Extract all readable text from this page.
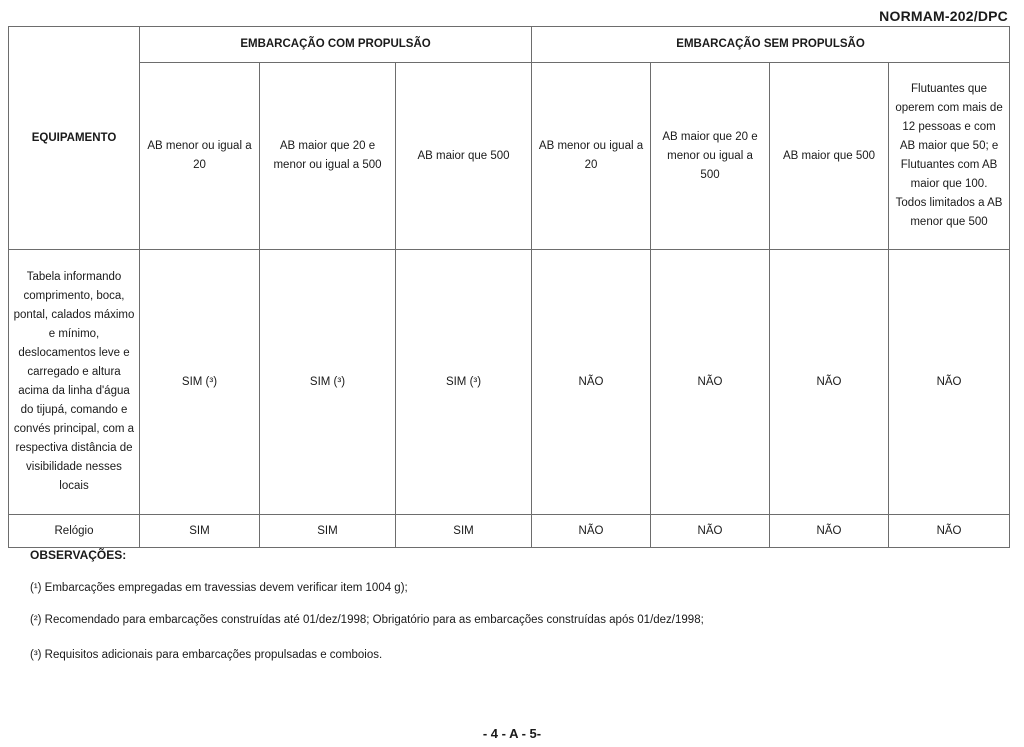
NORMAM-202/DPC
EQUIPAMENTO	EMBARCAÇÃO COM PROPULSÃO			EMBARCAÇÃO SEM PROPULSÃO			
	AB menor ou igual a 20	AB maior que 20 e menor ou igual a 500	AB maior que 500	AB menor ou igual a 20	AB maior que 20 e menor ou igual a 500	AB maior que 500	Flutuantes que operem com mais de 12 pessoas e com AB maior que 50; e Flutuantes com AB maior que 100. Todos limitados a AB menor que 500
Tabela informando comprimento, boca, pontal, calados máximo e mínimo, deslocamentos leve e carregado e altura acima da linha d'água do tijupá, comando e convés principal, com a respectiva distância de visibilidade nesses locais	SIM (³)	SIM (³)	SIM (³)	NÃO	NÃO	NÃO	NÃO
Relógio	SIM	SIM	SIM	NÃO	NÃO	NÃO	NÃO
OBSERVAÇÕES:
(¹) Embarcações empregadas em travessias devem verificar item 1004 g);
(²) Recomendado para embarcações construídas até 01/dez/1998; Obrigatório para as embarcações construídas após 01/dez/1998;
(³) Requisitos adicionais para embarcações propulsadas e comboios.
- 4 - A - 5-
